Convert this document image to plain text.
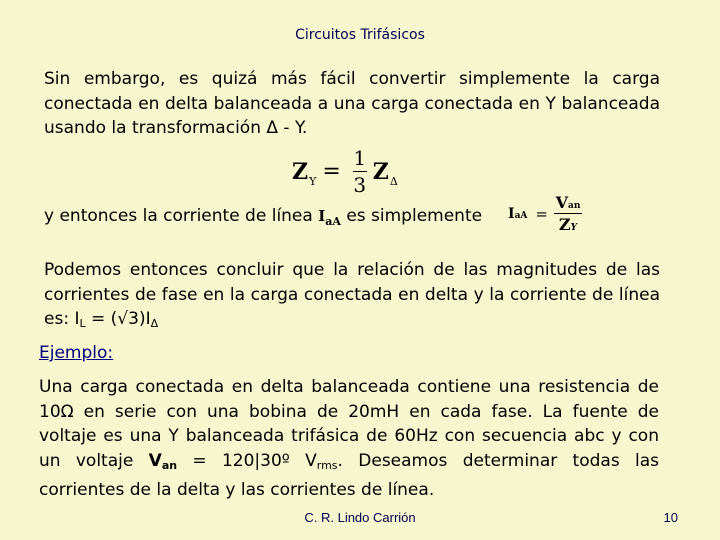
Circuitos Trifásicos
Sin embargo, es quizá más fácil convertir simplemente la carga conectada en delta balanceada a una carga conectada en Y balanceada usando la transformación Δ - Y.
$Z_Y = \frac{1}{3} Z_\Delta$
y entonces la corriente de línea $I_{aA}$ es simplemente IaA =
Van
ZY
Podemos entonces concluir que la relación de las magnitudes de las corrientes de fase en la carga conectada en delta y la corriente de línea es: IL = (√3)IΔ
Ejemplo:
Una carga conectada en delta balanceada contiene una resistencia de 10Ω en serie con una bobina de 20mH en cada fase. La fuente de voltaje es una Y balanceada trifásica de 60Hz con secuencia abc y con un voltaje Van = 120|30º Vrms. Deseamos determinar todas las corrientes de la delta y las corrientes de línea.
C. R. Lindo Carrión	10
